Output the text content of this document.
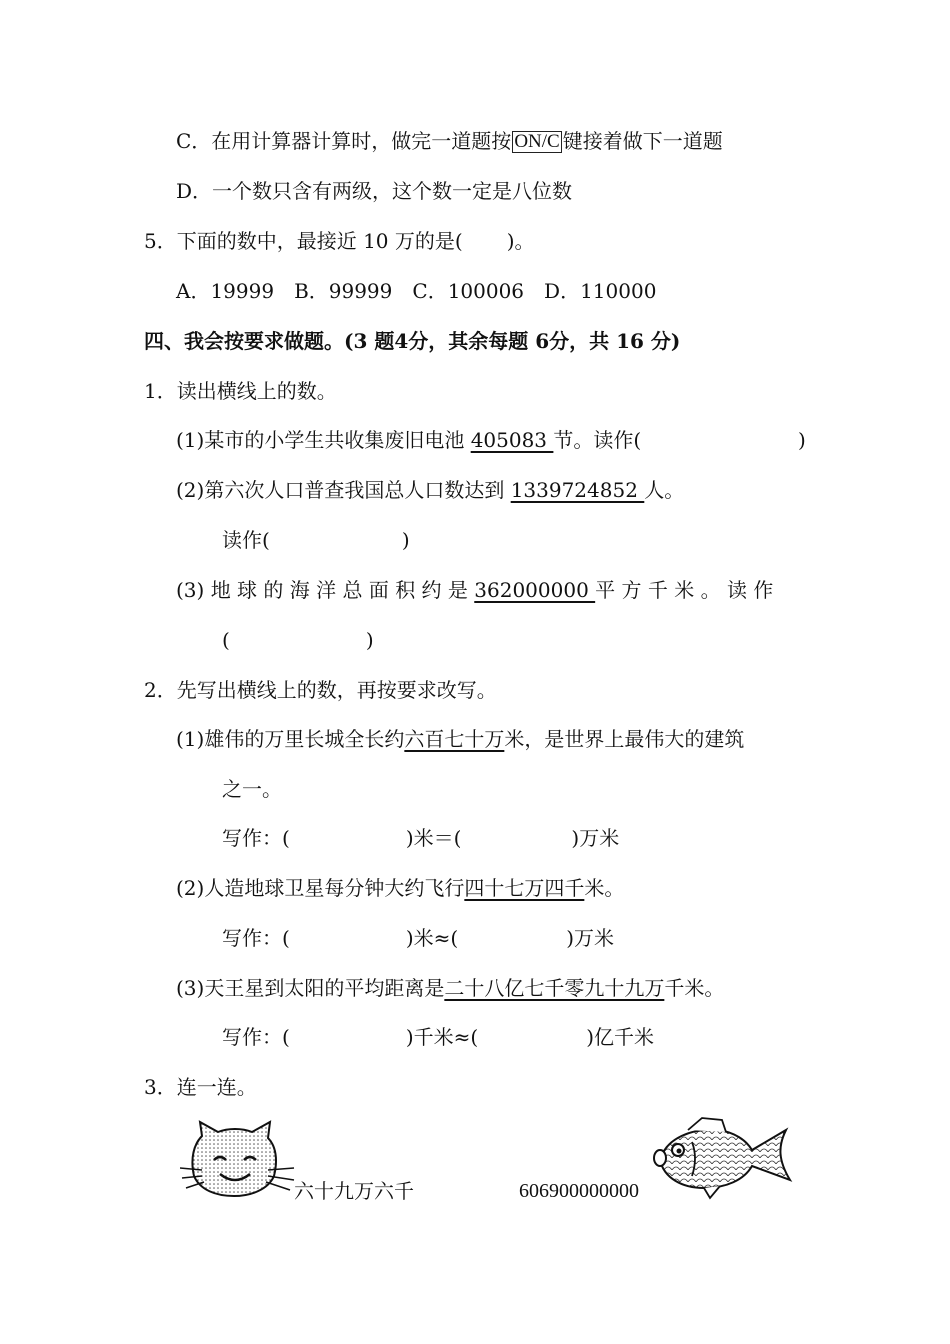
C．在用计算器计算时，做完一道题按 ON/C 键接着做下一道题
D．一个数只含有两级，这个数一定是八位数
5．下面的数中，最接近 10 万的是( )。
A．19999　B．99999　C．100006　D．110000
四、我会按要求做题。(3 题4分，其余每题 6分，共 16 分)
1．读出横线上的数。
(1)某市的小学生共收集废旧电池 405083 节。读作(	)
(2)第六次人口普查我国总人口数达到 1339724852 人。
读作(	)
(3) 地 球 的 海 洋 总 面 积 约 是 362000000 平 方 千 米 。 读 作
(	)
2．先写出横线上的数，再按要求改写。
(1)雄伟的万里长城全长约六百七十万米，是世界上最伟大的建筑
之一。
写作：(	)米＝(	)万米
(2)人造地球卫星每分钟大约飞行四十七万四千米。
写作：(	)米≈(	)万米
(3)天王星到太阳的平均距离是二十八亿七千零九十九万千米。
写作：(	)千米≈(	)亿千米
3．连一连。
六十九万六千	606900000000
